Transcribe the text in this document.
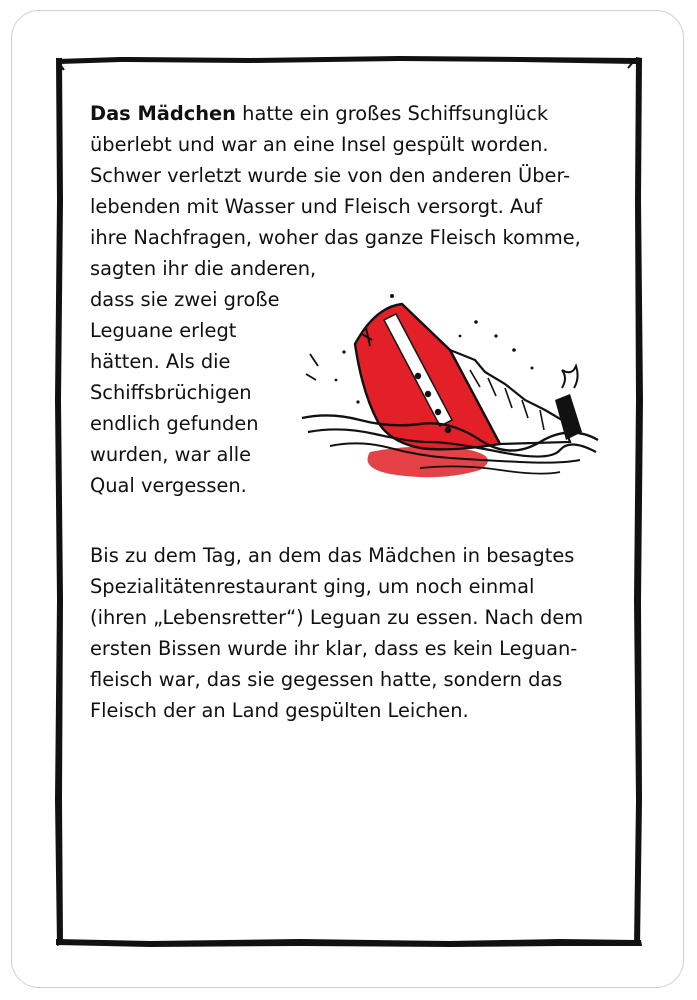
Das Mädchen hatte ein großes Schiffsunglück
überlebt und war an eine Insel gespült worden.
Schwer verletzt wurde sie von den anderen Über-
lebenden mit Wasser und Fleisch versorgt. Auf
ihre Nachfragen, woher das ganze Fleisch komme,
sagten ihr die anderen,
dass sie zwei große
Leguane erlegt
hätten. Als die
Schiffsbrüchigen
endlich gefunden
wurden, war alle
Qual vergessen.
Bis zu dem Tag, an dem das Mädchen in besagtes
Spezialitätenrestaurant ging, um noch einmal
(ihren „Lebensretter“) Leguan zu essen. Nach dem
ersten Bissen wurde ihr klar, dass es kein Leguan-
fleisch war, das sie gegessen hatte, sondern das
Fleisch der an Land gespülten Leichen.
